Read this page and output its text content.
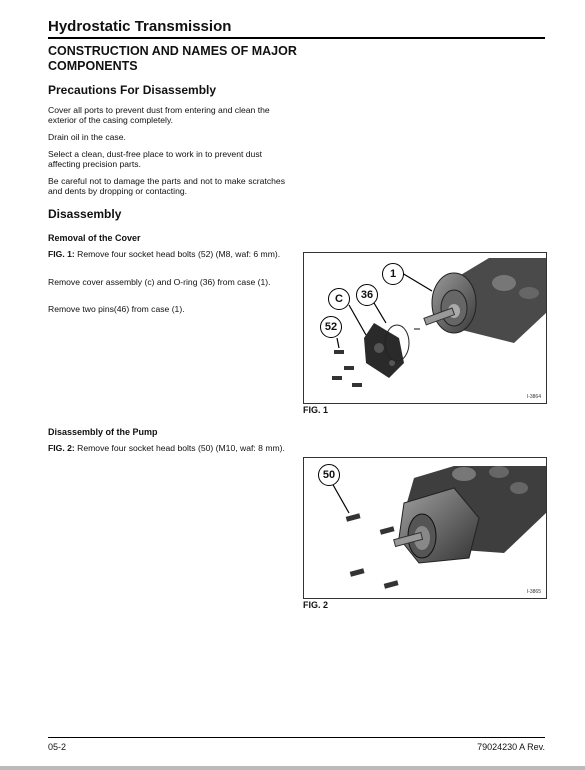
Hydrostatic Transmission
CONSTRUCTION AND NAMES OF MAJOR COMPONENTS
Precautions For Disassembly
Cover all ports to prevent dust from entering and clean the exterior of the casing completely.
Drain oil in the case.
Select a clean, dust-free place to work in to prevent dust affecting precision parts.
Be careful not to damage the parts and not to make scratches and dents by dropping or contacting.
Disassembly
Removal of the Cover
FIG. 1: Remove four socket head bolts (52) (M8, waf: 6 mm).
Remove cover assembly (c) and O-ring (36) from case (1).
Remove two pins(46) from case (1).
Disassembly of the Pump
FIG. 2: Remove four socket head bolts (50) (M10, waf: 8 mm).
1
C	36
52
I-3864
FIG. 1
50
I-3865
FIG. 2
05-2	79024230 A Rev.
